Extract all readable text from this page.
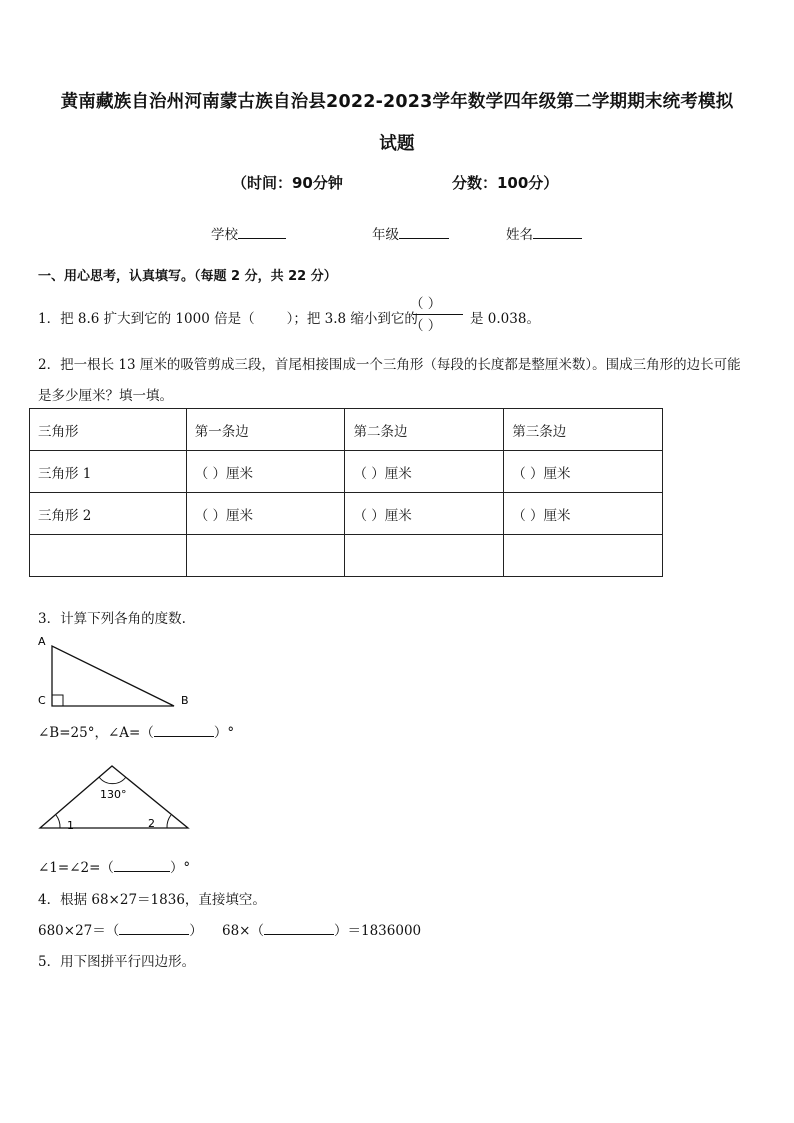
黄南藏族自治州河南蒙古族自治县2022-2023学年数学四年级第二学期期末统考模拟
试题
（时间：90分钟	分数：100分）
学校	年级	姓名
一、用心思考，认真填写。（每题 2 分，共 22 分）
1．把 8.6 扩大到它的 1000 倍是（ ）；把 3.8 缩小到它的
（ ）
（ ） 是 0.038。
2．把一根长 13 厘米的吸管剪成三段，首尾相接围成一个三角形（每段的长度都是整厘米数）。围成三角形的边长可能
是多少厘米？填一填。
三角形	第一条边	第二条边	第三条边
三角形 1	（ ）厘米	（ ）厘米	（ ）厘米
三角形 2	（ ）厘米	（ ）厘米	（ ）厘米

3．计算下列各角的度数.
A
C	B
∠B=25°，∠A=（	）°
130°
1	2
∠1=∠2=（	）°
4．根据 68×27＝1836，直接填空。
680×27＝（	） 68×（	）＝1836000
5．用下图拼平行四边形。
